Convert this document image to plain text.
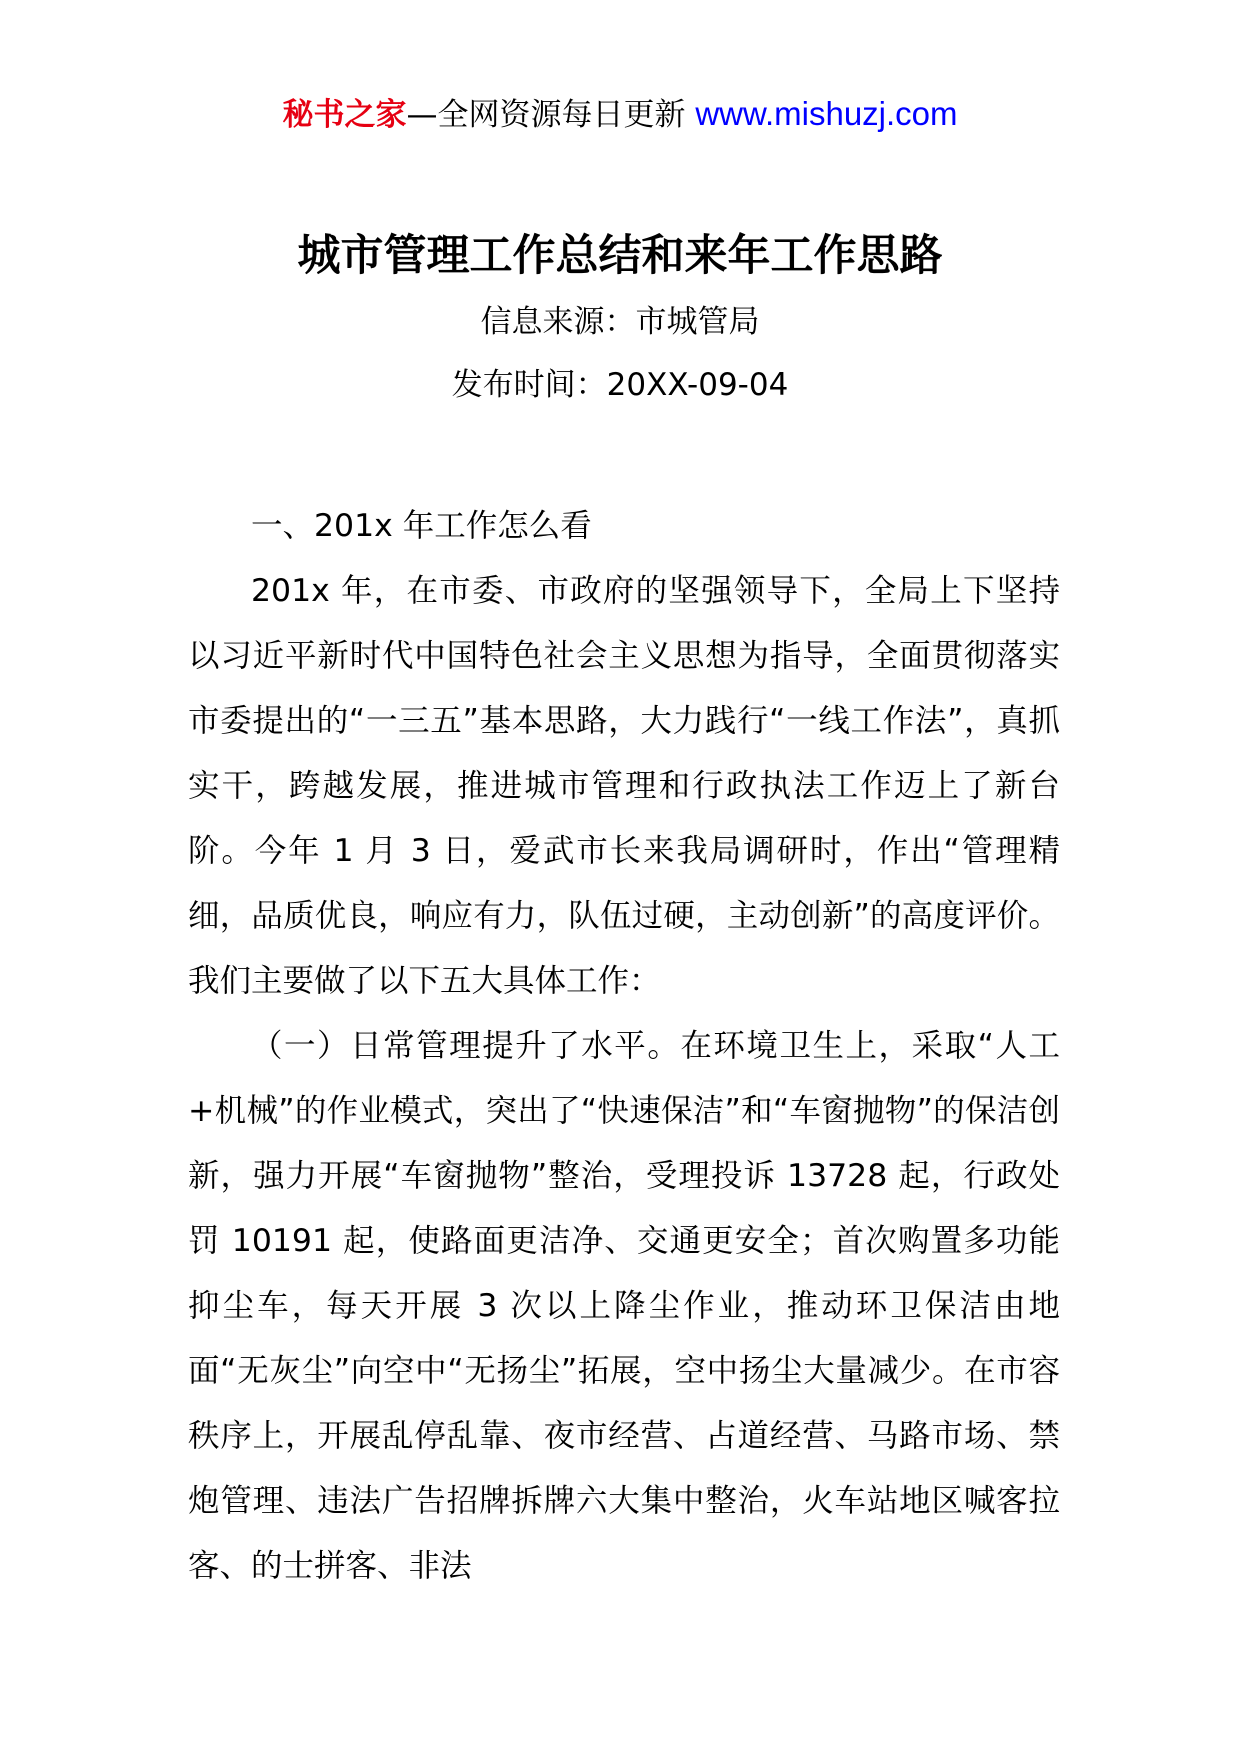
秘书之家—全网资源每日更新 www.mishuzj.com
城市管理工作总结和来年工作思路
信息来源：市城管局
发布时间：20XX-09-04

一、201x 年工作怎么看

201x 年，在市委、市政府的坚强领导下，全局上下坚持以习近平新时代中国特色社会主义思想为指导，全面贯彻落实市委提出的“一三五”基本思路，大力践行“一线工作法”，真抓实干，跨越发展，推进城市管理和行政执法工作迈上了新台阶。今年 1 月 3 日，爱武市长来我局调研时，作出“管理精细，品质优良，响应有力，队伍过硬，主动创新”的高度评价。我们主要做了以下五大具体工作：

（一）日常管理提升了水平。在环境卫生上，采取“人工+机械”的作业模式，突出了“快速保洁”和“车窗抛物”的保洁创新，强力开展“车窗抛物”整治，受理投诉 13728 起，行政处罚 10191 起，使路面更洁净、交通更安全；首次购置多功能抑尘车，每天开展 3 次以上降尘作业，推动环卫保洁由地面“无灰尘”向空中“无扬尘”拓展，空中扬尘大量减少。在市容秩序上，开展乱停乱靠、夜市经营、占道经营、马路市场、禁炮管理、违法广告招牌拆牌六大集中整治，火车站地区喊客拉客、的士拼客、非法
